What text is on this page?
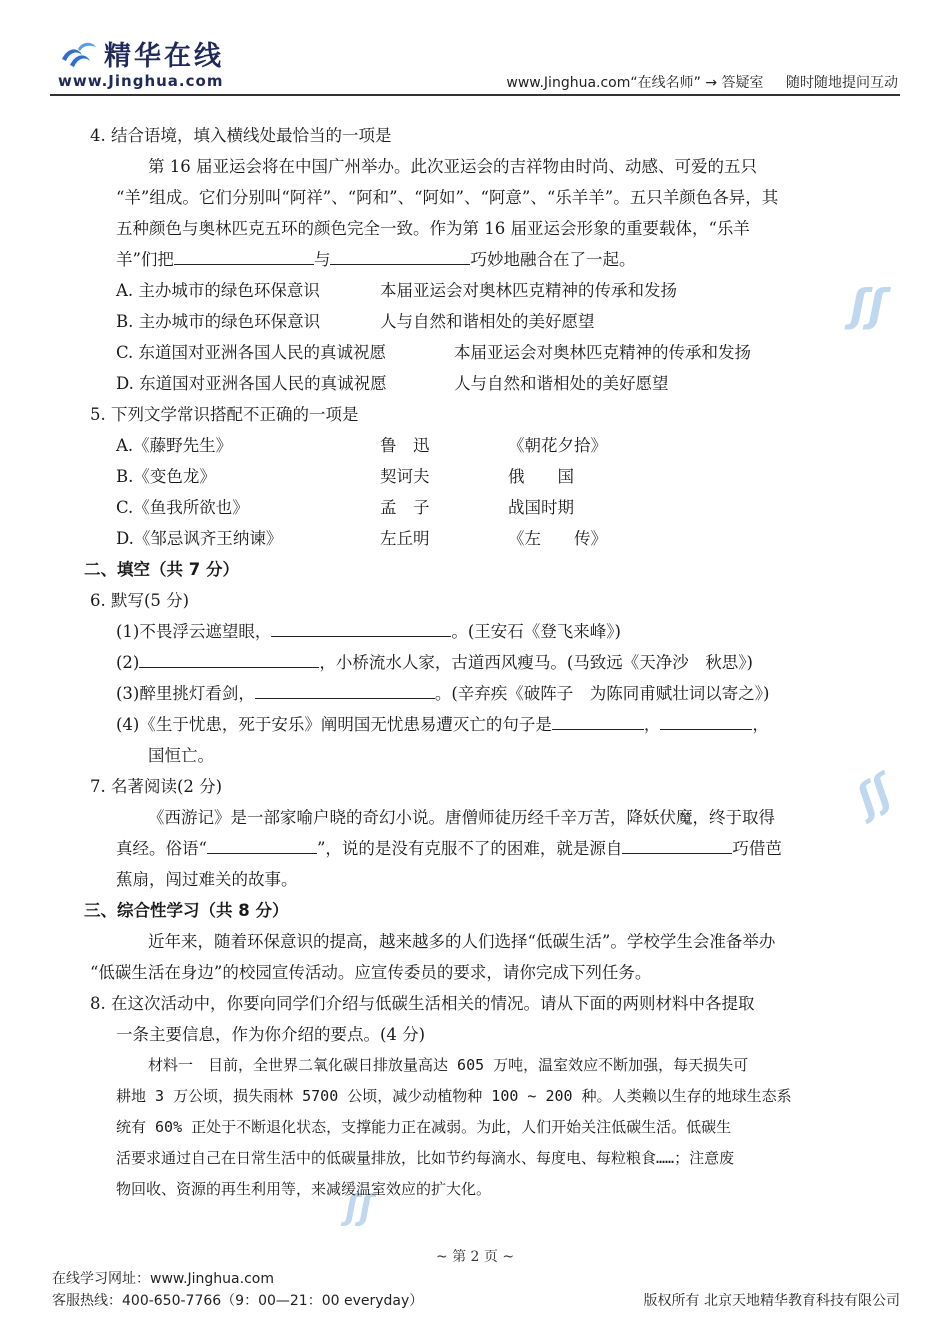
精华在线
www.Jinghua.com	www.Jinghua.com“在线名师” → 答疑室 随时随地提问互动
ʃʃ
ʃʃ
ʃʃ
4. 结合语境，填入横线处最恰当的一项是
第 16 届亚运会将在中国广州举办。此次亚运会的吉祥物由时尚、动感、可爱的五只
“羊”组成。它们分别叫“阿祥”、“阿和”、“阿如”、“阿意”、“乐羊羊”。五只羊颜色各异，其
五种颜色与奥林匹克五环的颜色完全一致。作为第 16 届亚运会形象的重要载体，“乐羊
羊”们把	与	巧妙地融合在了一起。
A. 主办城市的绿色环保意识	本届亚运会对奥林匹克精神的传承和发扬
B. 主办城市的绿色环保意识	人与自然和谐相处的美好愿望
C. 东道国对亚洲各国人民的真诚祝愿	本届亚运会对奥林匹克精神的传承和发扬
D. 东道国对亚洲各国人民的真诚祝愿	人与自然和谐相处的美好愿望
5. 下列文学常识搭配不正确的一项是
A.《藤野先生》	鲁　迅	《朝花夕拾》
B.《变色龙》	契诃夫	俄　　国
C.《鱼我所欲也》	孟　子	战国时期
D.《邹忌讽齐王纳谏》	左丘明	《左　　传》
二、填空（共 7 分）
6. 默写(5 分)
(1)不畏浮云遮望眼，	。(王安石《登飞来峰》)
(2)	，小桥流水人家，古道西风瘦马。(马致远《天净沙　秋思》)
(3)醉里挑灯看剑，	。(辛弃疾《破阵子　为陈同甫赋壮词以寄之》)
(4)《生于忧患，死于安乐》阐明国无忧患易遭灭亡的句子是	，	，
国恒亡。
7. 名著阅读(2 分)
《西游记》是一部家喻户晓的奇幻小说。唐僧师徒历经千辛万苦，降妖伏魔，终于取得
真经。俗语“	”，说的是没有克服不了的困难，就是源自	巧借芭
蕉扇，闯过难关的故事。
三、综合性学习（共 8 分）
近年来，随着环保意识的提高，越来越多的人们选择“低碳生活”。学校学生会准备举办
“低碳生活在身边”的校园宣传活动。应宣传委员的要求，请你完成下列任务。
8. 在这次活动中，你要向同学们介绍与低碳生活相关的情况。请从下面的两则材料中各提取
一条主要信息，作为你介绍的要点。(4 分)
材料一　目前，全世界二氧化碳日排放量高达 605 万吨，温室效应不断加强，每天损失可
耕地 3 万公顷，损失雨林 5700 公顷，减少动植物种 100 ~ 200 种。人类赖以生存的地球生态系
统有 60% 正处于不断退化状态，支撑能力正在减弱。为此，人们开始关注低碳生活。低碳生
活要求通过自己在日常生活中的低碳量排放，比如节约每滴水、每度电、每粒粮食……；注意废
物回收、资源的再生利用等，来减缓温室效应的扩大化。
~ 第 2 页 ~
在线学习网址：www.Jinghua.com
客服热线：400-650-7766（9：00—21：00 everyday）	版权所有 北京天地精华教育科技有限公司
